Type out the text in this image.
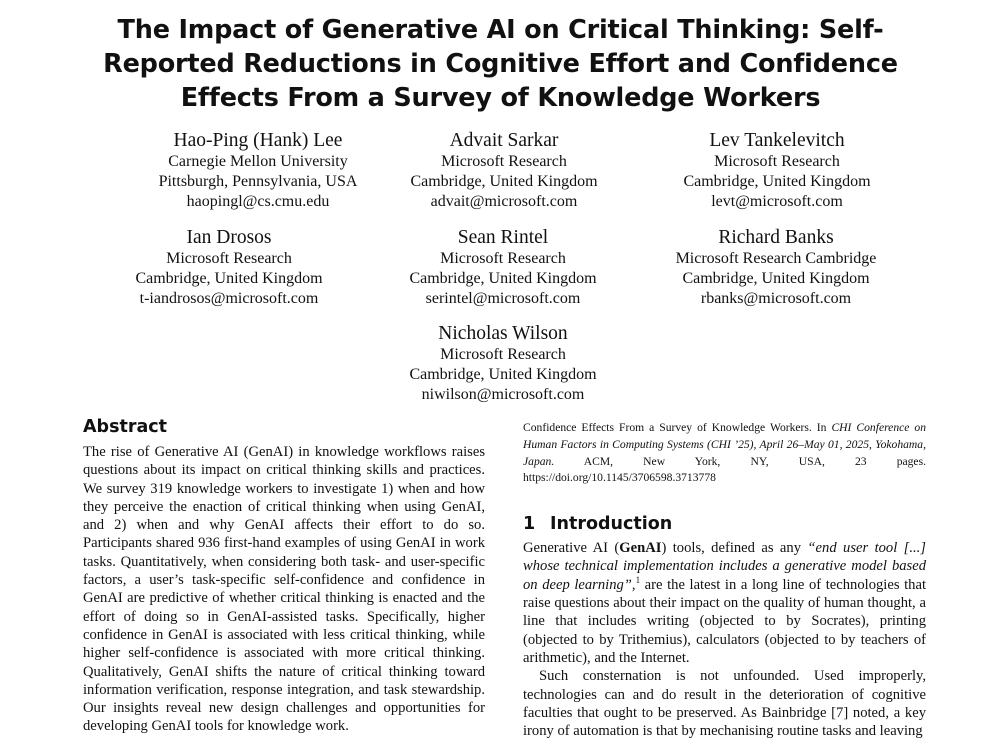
The Impact of Generative AI on Critical Thinking: Self-Reported Reductions in Cognitive Effort and Confidence Effects From a Survey of Knowledge Workers
Hao-Ping (Hank) Lee
Carnegie Mellon University
Pittsburgh, Pennsylvania, USA
haopingl@cs.cmu.edu
Advait Sarkar
Microsoft Research
Cambridge, United Kingdom
advait@microsoft.com
Lev Tankelevitch
Microsoft Research
Cambridge, United Kingdom
levt@microsoft.com
Ian Drosos
Microsoft Research
Cambridge, United Kingdom
t-iandrosos@microsoft.com
Sean Rintel
Microsoft Research
Cambridge, United Kingdom
serintel@microsoft.com
Richard Banks
Microsoft Research Cambridge
Cambridge, United Kingdom
rbanks@microsoft.com
Nicholas Wilson
Microsoft Research
Cambridge, United Kingdom
niwilson@microsoft.com
Abstract

The rise of Generative AI (GenAI) in knowledge workflows raises questions about its impact on critical thinking skills and practices. We survey 319 knowledge workers to investigate 1) when and how they perceive the enaction of critical thinking when using GenAI, and 2) when and why GenAI affects their effort to do so. Participants shared 936 first-hand examples of using GenAI in work tasks. Quantitatively, when considering both task- and user-specific factors, a user’s task-specific self-confidence and confidence in GenAI are predictive of whether critical thinking is enacted and the effort of doing so in GenAI-assisted tasks. Specifically, higher confidence in GenAI is associated with less critical thinking, while higher self-confidence is associated with more critical thinking. Qualitatively, GenAI shifts the nature of critical thinking toward information verification, response integration, and task stewardship. Our insights reveal new design challenges and opportunities for developing GenAI tools for knowledge work.

Confidence Effects From a Survey of Knowledge Workers. In CHI Conference on Human Factors in Computing Systems (CHI ’25), April 26–May 01, 2025, Yokohama, Japan. ACM, New York, NY, USA, 23 pages. https://doi.org/10.1145/3706598.3713778

1 Introduction

Generative AI (GenAI) tools, defined as any “end user tool [...] whose technical implementation includes a generative model based on deep learning”,$^1$ are the latest in a long line of technologies that raise questions about their impact on the quality of human thought, a line that includes writing (objected to by Socrates), printing (objected to by Trithemius), calculators (objected to by teachers of arithmetic), and the Internet.

Such consternation is not unfounded. Used improperly, technologies can and do result in the deterioration of cognitive faculties that ought to be preserved. As Bainbridge [7] noted, a key irony of automation is that by mechanising routine tasks and leaving
